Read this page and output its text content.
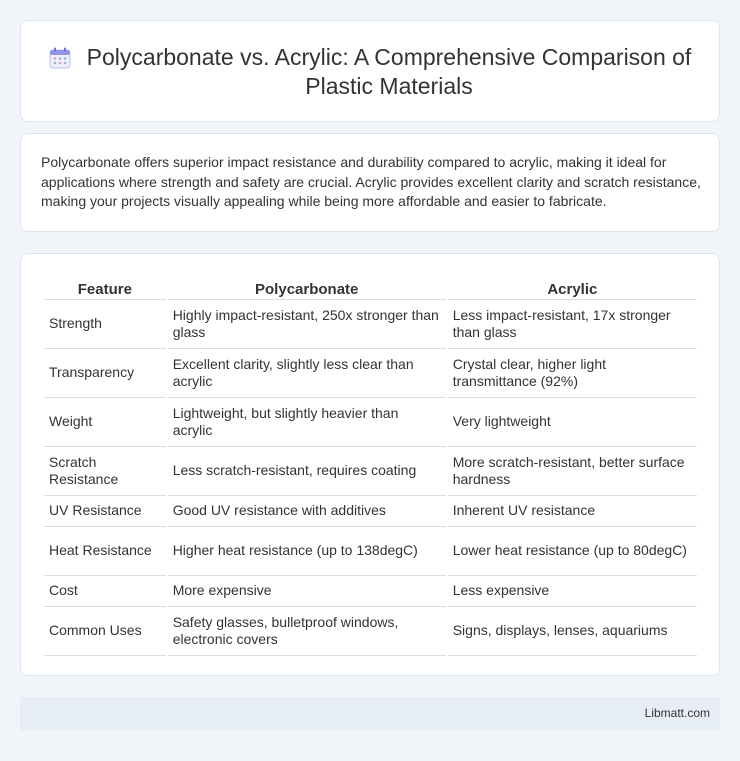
Polycarbonate vs. Acrylic: A Comprehensive Comparison of Plastic Materials

Polycarbonate offers superior impact resistance and durability compared to acrylic, making it ideal for applications where strength and safety are crucial. Acrylic provides excellent clarity and scratch resistance, making your projects visually appealing while being more affordable and easier to fabricate.

Feature	Polycarbonate	Acrylic
Strength	Highly impact-resistant, 250x stronger than glass	Less impact-resistant, 17x stronger than glass
Transparency	Excellent clarity, slightly less clear than acrylic	Crystal clear, higher light transmittance (92%)
Weight	Lightweight, but slightly heavier than acrylic	Very lightweight
Scratch Resistance	Less scratch-resistant, requires coating	More scratch-resistant, better surface hardness
UV Resistance	Good UV resistance with additives	Inherent UV resistance
Heat Resistance	Higher heat resistance (up to 138degC)	Lower heat resistance (up to 80degC)
Cost	More expensive	Less expensive
Common Uses	Safety glasses, bulletproof windows, electronic covers	Signs, displays, lenses, aquariums
Libmatt.com
